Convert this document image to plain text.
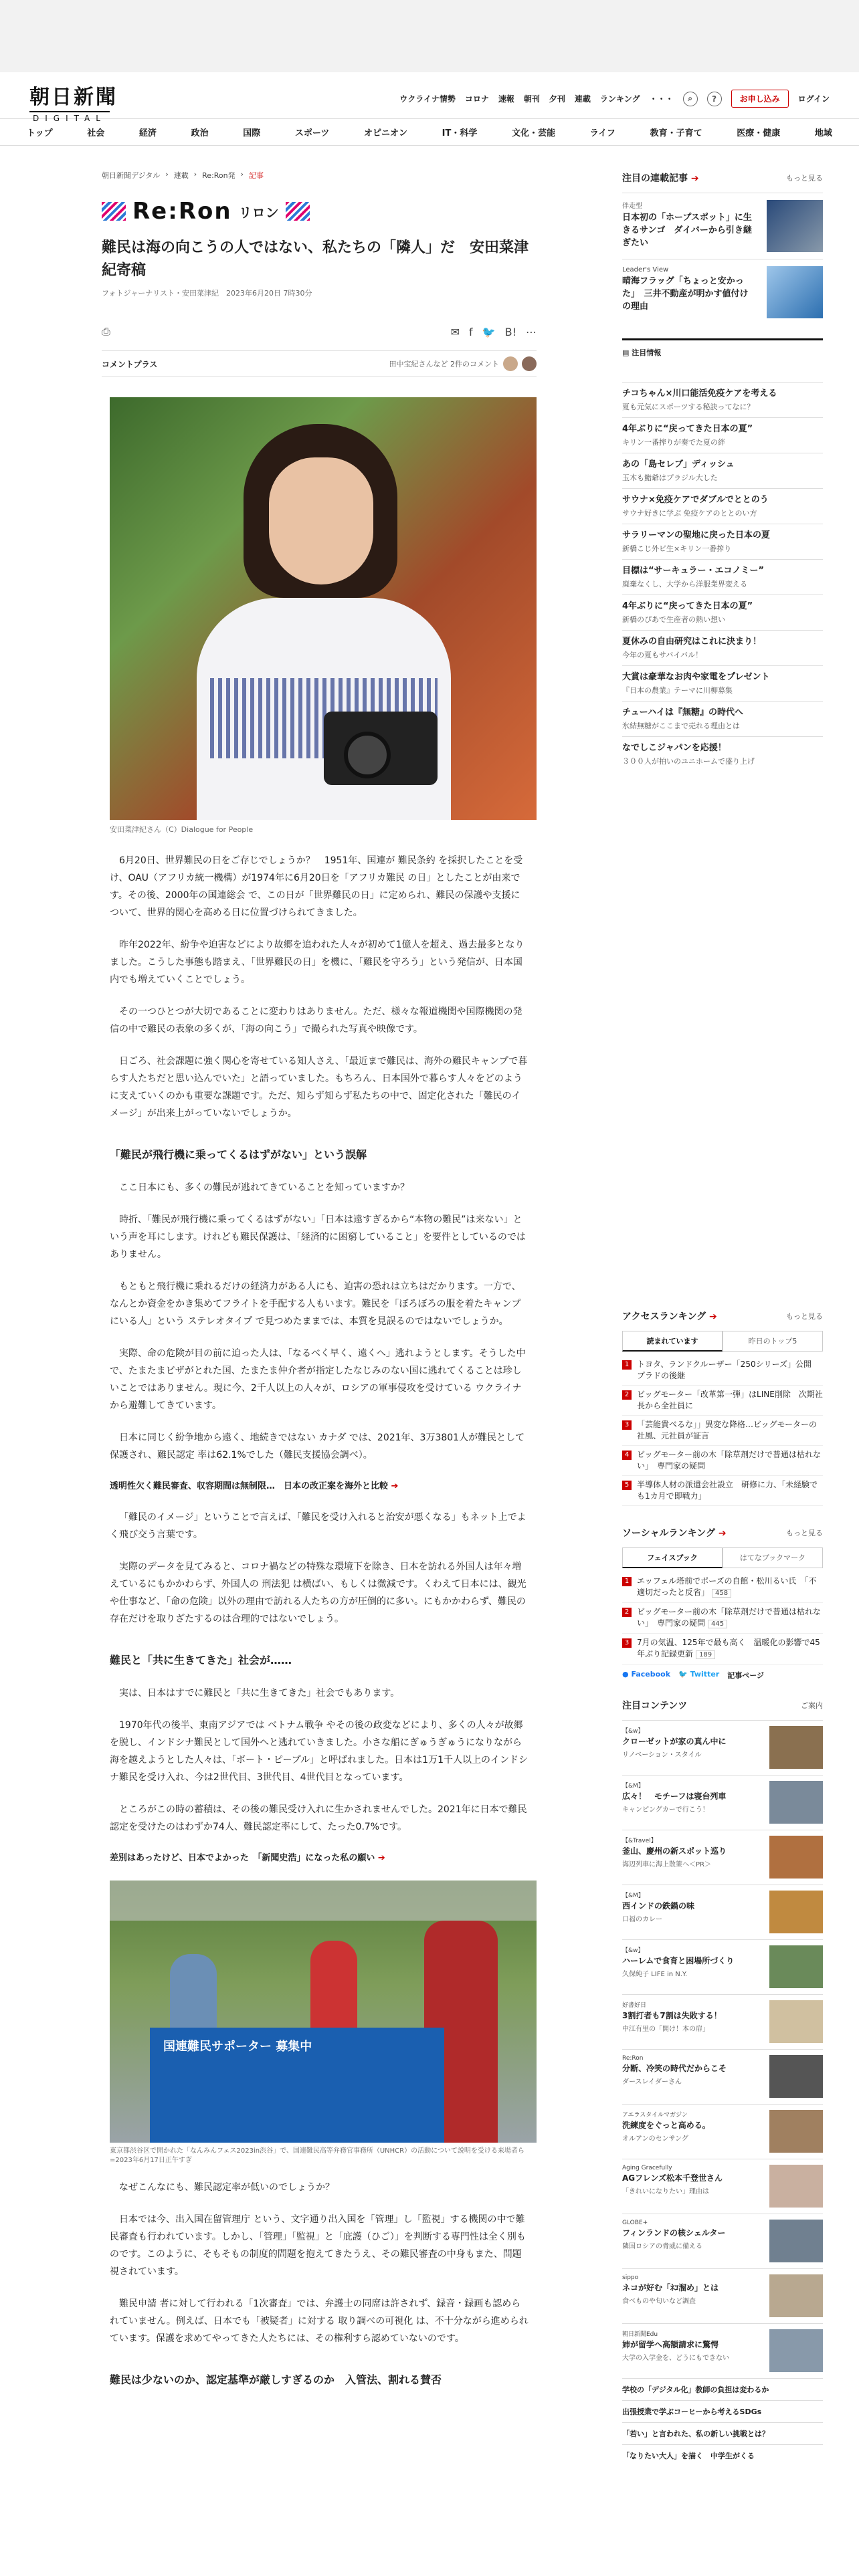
朝日新聞
DIGITAL
ウクライナ情勢 コロナ 速報 朝刊 夕刊 連載 ランキング ・・・	⌕	?	お申し込み	ログイン
トップ	社会	経済	政治	国際	スポーツ	オピニオン	IT・科学	文化・芸能	ライフ	教育・子育て	医療・健康	地域
朝日新聞デジタル › 連載 › Re:Ron発 › 記事
Re:Ron リロン
難民は海の向こうの人ではない、私たちの「隣人」だ　安田菜津紀寄稿
フォトジャーナリスト・安田菜津紀　2023年6月20日 7時30分
⎙	✉ f 🐦 B! ⋯
コメントプラス	田中宝紀さんなど 2件のコメント
安田菜津紀さん（C）Dialogue for People

6月20日、世界難民の日をご存じでしょうか？　1951年、国連が 難民条約 を採択したことを受け、OAU（アフリカ統一機構）が1974年に6月20日を「アフリカ難民 の日」としたことが由来です。その後、2000年の国連総会 で、この日が「世界難民の日」に定められ、難民の保護や支援について、世界的関心を高める日に位置づけられてきました。

昨年2022年、紛争や迫害などにより故郷を追われた人々が初めて1億人を超え、過去最多となりました。こうした事態も踏まえ、「世界難民の日」を機に、「難民を守ろう」という発信が、日本国内でも増えていくことでしょう。

その一つひとつが大切であることに変わりはありません。ただ、様々な報道機関や国際機関の発信の中で難民の表象の多くが、「海の向こう」で撮られた写真や映像です。

日ごろ、社会課題に強く関心を寄せている知人さえ、「最近まで難民は、海外の難民キャンプで暮らす人たちだと思い込んでいた」と語っていました。もちろん、日本国外で暮らす人々をどのように支えていくのかも重要な課題です。ただ、知らず知らず私たちの中で、固定化された「難民のイメージ」が出来上がっていないでしょうか。

「難民が飛行機に乗ってくるはずがない」という誤解

ここ日本にも、多くの難民が逃れてきていることを知っていますか？

時折、「難民が飛行機に乗ってくるはずがない」「日本は遠すぎるから“本物の難民”は来ない」という声を耳にします。けれども難民保護は、「経済的に困窮していること」を要件としているのではありません。

もともと飛行機に乗れるだけの経済力がある人にも、迫害の恐れは立ちはだかります。一方で、なんとか資金をかき集めてフライトを手配する人もいます。難民を「ぼろぼろの服を着たキャンプにいる人」という ステレオタイプ で見つめたままでは、本質を見誤るのではないでしょうか。

実際、命の危険が目の前に迫った人は、「なるべく早く、遠くへ」逃れようとします。そうした中で、たまたまビザがとれた国、たまたま仲介者が指定したなじみのない国に逃れてくることは珍しいことではありません。現に今、2千人以上の人々が、ロシアの軍事侵攻を受けている ウクライナ から避難してきています。

日本に同じく紛争地から遠く、地続きではない カナダ では、2021年、3万3801人が難民として保護され、難民認定 率は62.1%でした（難民支援協会調べ）。

透明性欠く難民審査、収容期間は無制限…　日本の改正案を海外と比較 ➔

「難民のイメージ」ということで言えば、「難民を受け入れると治安が悪くなる」もネット上でよく飛び交う言葉です。

実際のデータを見てみると、コロナ禍などの特殊な環境下を除き、日本を訪れる外国人は年々増えているにもかかわらず、外国人の 刑法犯 は横ばい、もしくは微減です。くわえて日本には、観光や仕事など、「命の危険」以外の理由で訪れる人たちの方が圧倒的に多い。にもかかわらず、難民の存在だけを取りざたするのは合理的ではないでしょう。

難民と「共に生きてきた」社会が……

実は、日本はすでに難民と「共に生きてきた」社会でもあります。

1970年代の後半、東南アジアでは ベトナム戦争 やその後の政変などにより、多くの人々が故郷を脱し、インドシナ難民として国外へと逃れていきました。小さな船にぎゅうぎゅうになりながら海を越えようとした人々は、「ボート・ピープル」と呼ばれました。日本は1万1千人以上のインドシナ難民を受け入れ、今は2世代目、3世代目、4世代目となっています。

ところがこの時の蓄積は、その後の難民受け入れに生かされませんでした。2021年に日本で難民認定を受けたのはわずか74人、難民認定率にして、たった0.7%です。

差別はあったけど、日本でよかった　「新聞史浩」になった私の願い ➔
国連難民サポーター 募集中
東京都渋谷区で開かれた「なんみんフェス2023in渋谷」で、国連難民高等弁務官事務所（UNHCR）の活動について説明を受ける来場者ら=2023年6月17日正午すぎ

なぜこんなにも、難民認定率が低いのでしょうか？

日本では今、出入国在留管理庁 という、文字通り出入国を「管理」し「監視」する機関の中で難民審査も行われています。しかし、「管理」「監視」と「庇護（ひご）」を判断する専門性は全く別ものです。このように、そもそもの制度的問題を抱えてきたうえ、その難民審査の中身もまた、問題視されています。

難民申請 者に対して行われる「1次審査」では、弁護士の同席は許されず、録音・録画も認められていません。例えば、日本でも「被疑者」に対する 取り調べの可視化 は、不十分ながら進められています。保護を求めてやってきた人たちには、その権利すら認めていないのです。

難民は少ないのか、認定基準が厳しすぎるのか　入管法、割れる賛否
注目の連載記事 ➔	もっと見る
伴走型
日本初の「ホープスポット」に生きるサンゴ　ダイバーから引き継ぎたい
Leader's View
晴海フラッグ「ちょっと安かった」　三井不動産が明かす値付けの理由
▤ 注目情報
チコちゃん×川口能活免疫ケアを考える
夏も元気にスポーツする秘訣ってなに？
4年ぶりに“戻ってきた日本の夏”
キリン一番搾りが奏でた夏の絆
あの「島セレブ」ディッシュ
玉木も鮨爺はプラジル大した
サウナ×免疫ケアでダブルでととのう
サウナ好きに学ぶ 免疫ケアのととのい方
サラリーマンの聖地に戻った日本の夏
新橋こじ外ビ生×キリン一番搾り
目標は“サーキュラー・エコノミー”
廃棄なくし、大学から洋服業界変える
4年ぶりに“戻ってきた日本の夏”
新橋のぴあで生産者の熱い想い
夏休みの自由研究はこれに決まり！
今年の夏もサバイバル！
大賞は豪華なお肉や家電をプレゼント
『日本の農業』テーマに川柳募集
チューハイは『無糖』の時代へ
氷結無糖がここまで売れる理由とは
なでしこジャパンを応援！
３００人が拍いのユニホームで盛り上げ
アクセスランキング ➔	もっと見る
読まれています	昨日のトップ5
1 トヨタ、ランドクルーザー「250シリーズ」公開　プラドの後継
2 ビッグモーター「改革第一弾」はLINE削除　次期社長から全社員に
3 「芸能貴べるな」」異変な降格…ビッグモーターの社風、元社員が証言
4 ビッグモーター前の木「除草剤だけで普通は枯れない」　専門家の疑問
5 半導体人材の派遣会社設立　研修に力、「未経験でも1カ月で即戦力」
ソーシャルランキング ➔	もっと見る
フェイスブック	はてなブックマーク
1 エッフェル塔前でポーズの自館・松川るい氏　「不適切だったと反省」 458
2 ビッグモーター前の木「除草剤だけで普通は枯れない」　専門家の疑問 445
3 7月の気温、125年で最も高く　温暖化の影響で45年ぶり記録更新 189
● Facebook 🐦 Twitter 記事ページ
注目コンテンツ	ご案内
【&w】
クローゼットが家の真ん中に
リノベーション・スタイル
【&M】
広々！　モチーフは寝台列車
キャンピングカーで行こう！
【&Travel】
釜山、慶州の新スポット巡り
海辺列車に海上散策へ＜PR＞
【&M】
西インドの鉄鍋の味
口福のカレー
【&w】
ハーレムで食育と困場所づくり
久保純子 LIFE in N.Y.
好書好日
3割打者も7割は失敗する！
中江有里の「開け！本の扉」
Re:Ron
分断、冷笑の時代だからこそ
ダースレイダーさん
アエラスタイルマガジン
洗練度をぐっと高める。
オルアンのセンサング
Aging Gracefully
AGフレンズ松本千登世さん
「きれいになりたい」理由は
GLOBE+
フィンランドの核シェルター
隣国ロシアの脅威に備える
sippo
ネコが好む「ﾈｺ溜め」とは
食べものや匂いなど調査
朝日新聞Edu
姉が留学へ高額請求に驚愕
大学の入学金を、どうにもできない
学校の「デジタル化」教師の負担は変わるか
出張授業で学ぶコーヒーから考えるSDGs
「若い」と言われた、私の新しい挑戦とは？
「なりたい大人」を描く　中学生がくる
